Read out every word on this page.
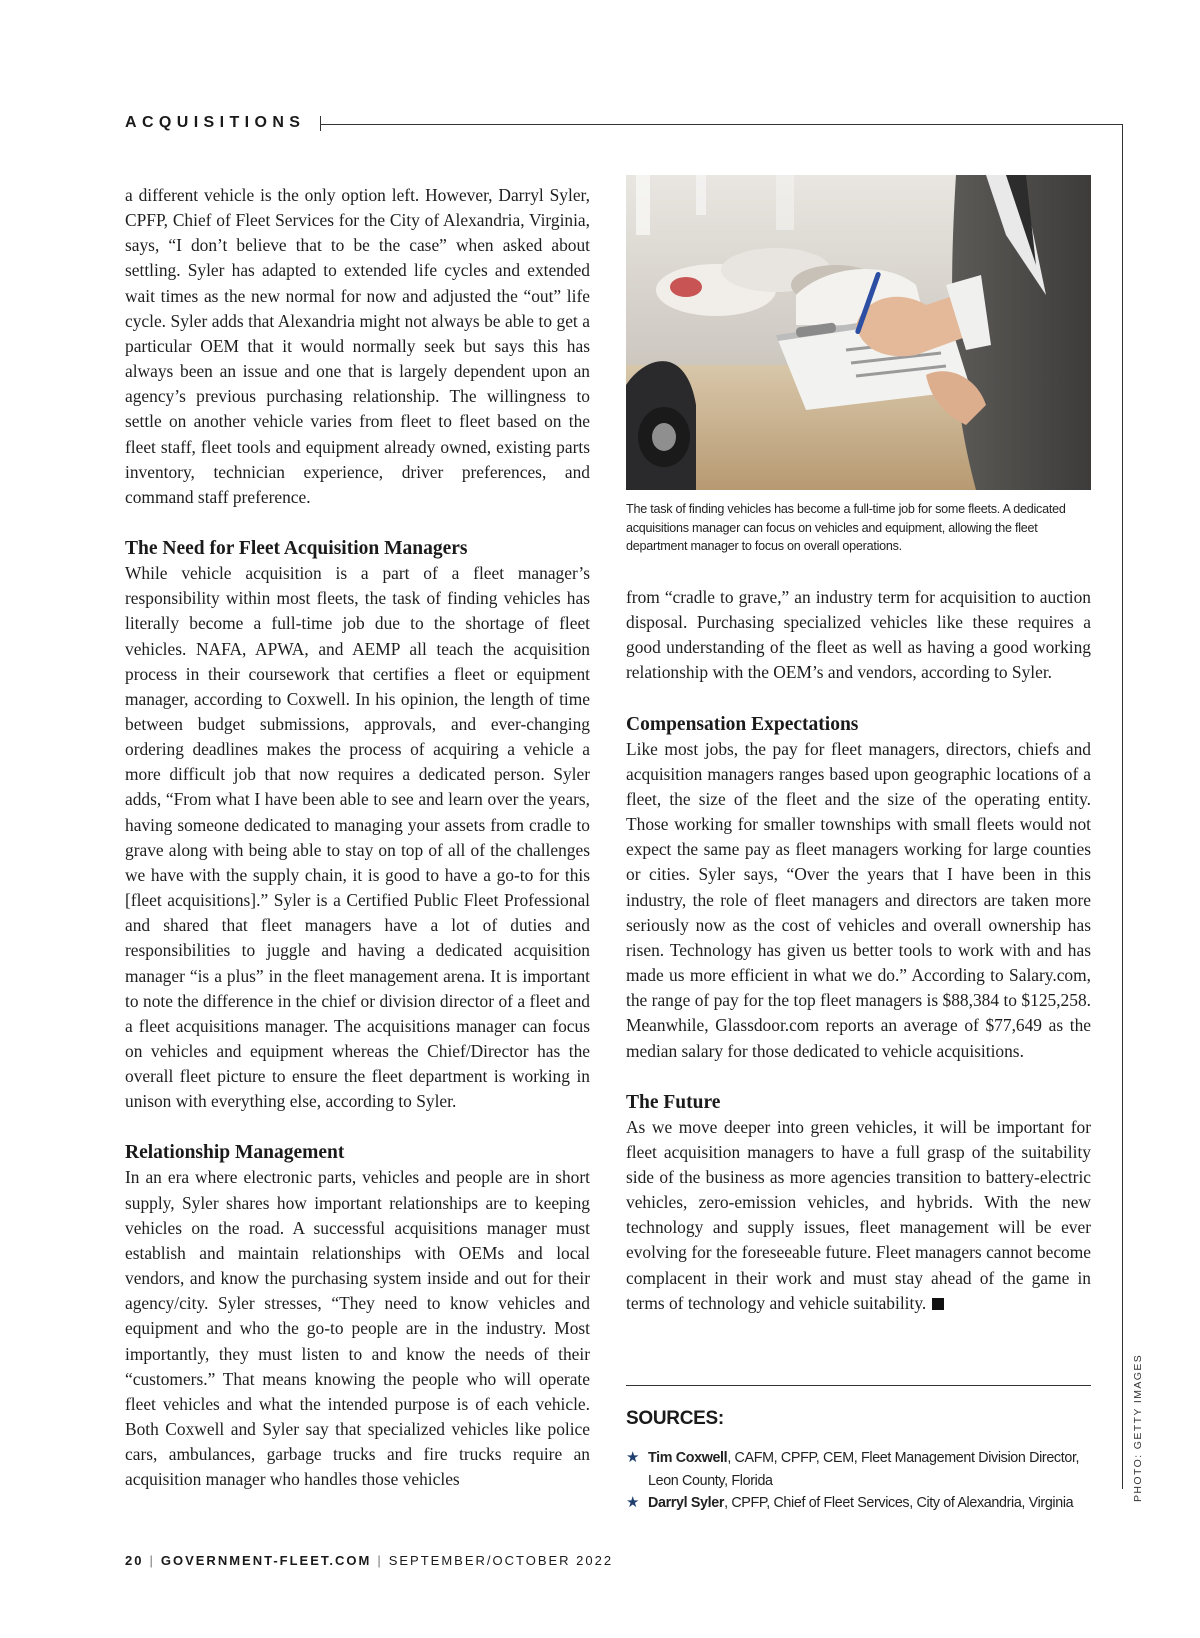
ACQUISITIONS

a different vehicle is the only option left. However, Darryl Syler, CPFP, Chief of Fleet Services for the City of Alexandria, Virginia, says, “I don’t believe that to be the case” when asked about settling. Syler has adapted to extended life cycles and extended wait times as the new normal for now and adjusted the “out” life cycle. Syler adds that Alexandria might not always be able to get a particular OEM that it would normally seek but says this has always been an issue and one that is largely dependent upon an agency’s previous purchasing relationship. The willingness to settle on another vehicle varies from fleet to fleet based on the fleet staff, fleet tools and equipment already owned, existing parts inventory, technician experience, driver preferences, and command staff preference.

The Need for Fleet Acquisition Managers

While vehicle acquisition is a part of a fleet manager’s responsibility within most fleets, the task of finding vehicles has literally become a full-time job due to the shortage of fleet vehicles. NAFA, APWA, and AEMP all teach the acquisition process in their coursework that certifies a fleet or equipment manager, according to Coxwell. In his opinion, the length of time between budget submissions, approvals, and ever-changing ordering deadlines makes the process of acquiring a vehicle a more difficult job that now requires a dedicated person. Syler adds, “From what I have been able to see and learn over the years, having someone dedicated to managing your assets from cradle to grave along with being able to stay on top of all of the challenges we have with the supply chain, it is good to have a go-to for this [fleet acquisitions].” Syler is a Certified Public Fleet Professional and shared that fleet managers have a lot of duties and responsibilities to juggle and having a dedicated acquisition manager “is a plus” in the fleet management arena. It is important to note the difference in the chief or division director of a fleet and a fleet acquisitions manager. The acquisitions manager can focus on vehicles and equipment whereas the Chief/Director has the overall fleet picture to ensure the fleet department is working in unison with everything else, according to Syler.

Relationship Management

In an era where electronic parts, vehicles and people are in short supply, Syler shares how important relationships are to keeping vehicles on the road. A successful acquisitions manager must establish and maintain relationships with OEMs and local vendors, and know the purchasing system inside and out for their agency/city. Syler stresses, “They need to know vehicles and equipment and who the go-to people are in the industry. Most importantly, they must listen to and know the needs of their “customers.” That means knowing the people who will operate fleet vehicles and what the intended purpose is of each vehicle. Both Coxwell and Syler say that specialized vehicles like police cars, ambulances, garbage trucks and fire trucks require an acquisition manager who handles those vehicles

The task of finding vehicles has become a full-time job for some fleets. A dedicated acquisitions manager can focus on vehicles and equipment, allowing the fleet department manager to focus on overall operations.

from “cradle to grave,” an industry term for acquisition to auction disposal. Purchasing specialized vehicles like these requires a good understanding of the fleet as well as having a good working relationship with the OEM’s and vendors, according to Syler.

Compensation Expectations

Like most jobs, the pay for fleet managers, directors, chiefs and acquisition managers ranges based upon geographic locations of a fleet, the size of the fleet and the size of the operating entity. Those working for smaller townships with small fleets would not expect the same pay as fleet managers working for large counties or cities. Syler says, “Over the years that I have been in this industry, the role of fleet managers and directors are taken more seriously now as the cost of vehicles and overall ownership has risen. Technology has given us better tools to work with and has made us more efficient in what we do.” According to Salary.com, the range of pay for the top fleet managers is $88,384 to $125,258. Meanwhile, Glassdoor.com reports an average of $77,649 as the median salary for those dedicated to vehicle acquisitions.

The Future

As we move deeper into green vehicles, it will be important for fleet acquisition managers to have a full grasp of the suitability side of the business as more agencies transition to battery-electric vehicles, zero-emission vehicles, and hybrids. With the new technology and supply issues, fleet management will be ever evolving for the foreseeable future. Fleet managers cannot become complacent in their work and must stay ahead of the game in terms of technology and vehicle suitability.

SOURCES:
★ Tim Coxwell, CAFM, CPFP, CEM, Fleet Management Division Director, Leon County, Florida
★ Darryl Syler, CPFP, Chief of Fleet Services, City of Alexandria, Virginia
PHOTO: GETTY IMAGES
20 | GOVERNMENT-FLEET.COM | SEPTEMBER/OCTOBER 2022
